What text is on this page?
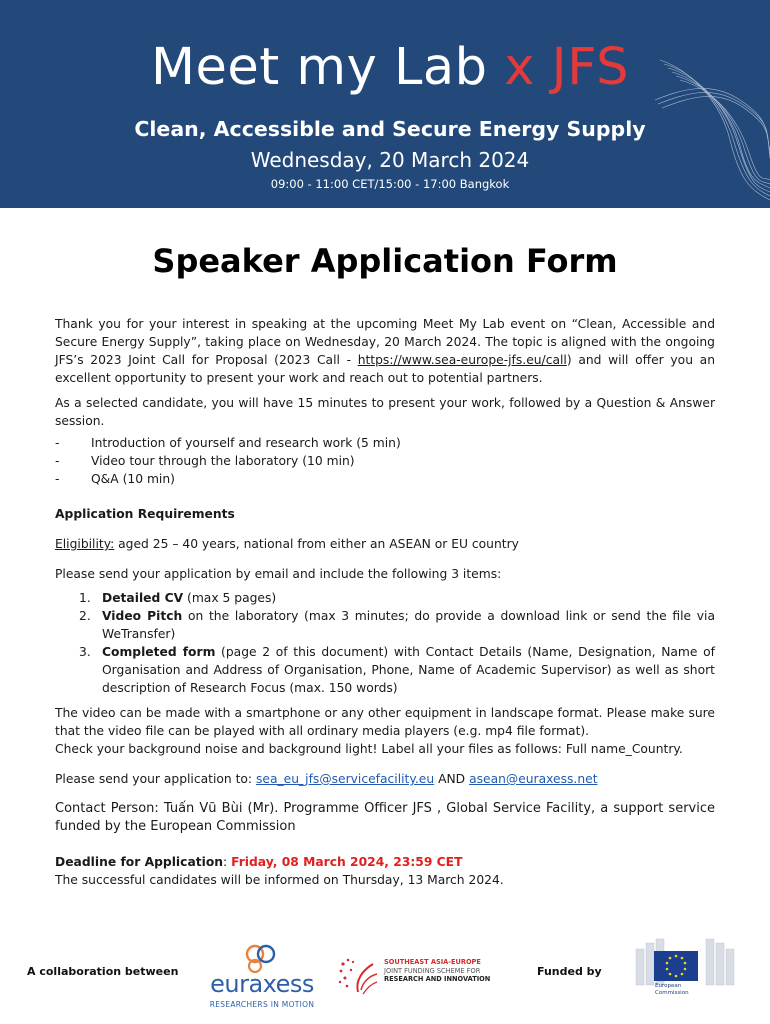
Meet my Lab x JFS
Clean, Accessible and Secure Energy Supply
Wednesday, 20 March 2024
09:00 - 11:00 CET/15:00 - 17:00 Bangkok
Speaker Application Form

Thank you for your interest in speaking at the upcoming Meet My Lab event on “Clean, Accessible and Secure Energy Supply”, taking place on Wednesday, 20 March 2024. The topic is aligned with the ongoing JFS’s 2023 Joint Call for Proposal (2023 Call - https://www.sea-europe-jfs.eu/call) and will offer you an excellent opportunity to present your work and reach out to potential partners.

As a selected candidate, you will have 15 minutes to present your work, followed by a Question & Answer session.

- Introduction of yourself and research work (5 min)
- Video tour through the laboratory (10 min)
- Q&A (10 min)

Application Requirements

Eligibility: aged 25 – 40 years, national from either an ASEAN or EU country

Please send your application by email and include the following 3 items:

1. Detailed CV (max 5 pages)
2. Video Pitch on the laboratory (max 3 minutes; do provide a download link or send the file via WeTransfer)
3. Completed form (page 2 of this document) with Contact Details (Name, Designation, Name of Organisation and Address of Organisation, Phone, Name of Academic Supervisor) as well as short description of Research Focus (max. 150 words)

The video can be made with a smartphone or any other equipment in landscape format. Please make sure that the video file can be played with all ordinary media players (e.g. mp4 file format).

Check your background noise and background light! Label all your files as follows: Full name_Country.

Please send your application to: sea_eu_jfs@servicefacility.eu AND asean@euraxess.net

Contact Person: Tuấn Vũ Bùi (Mr). Programme Officer JFS , Global Service Facility, a support service funded by the European Commission

Deadline for Application: Friday, 08 March 2024, 23:59 CET

The successful candidates will be informed on Thursday, 13 March 2024.

A collaboration between euraxess
RESEARCHERS IN MOTION
SOUTHEAST ASIA-EUROPE
JOINT FUNDING SCHEME FOR
RESEARCH AND INNOVATION
Funded by
European
Commission
